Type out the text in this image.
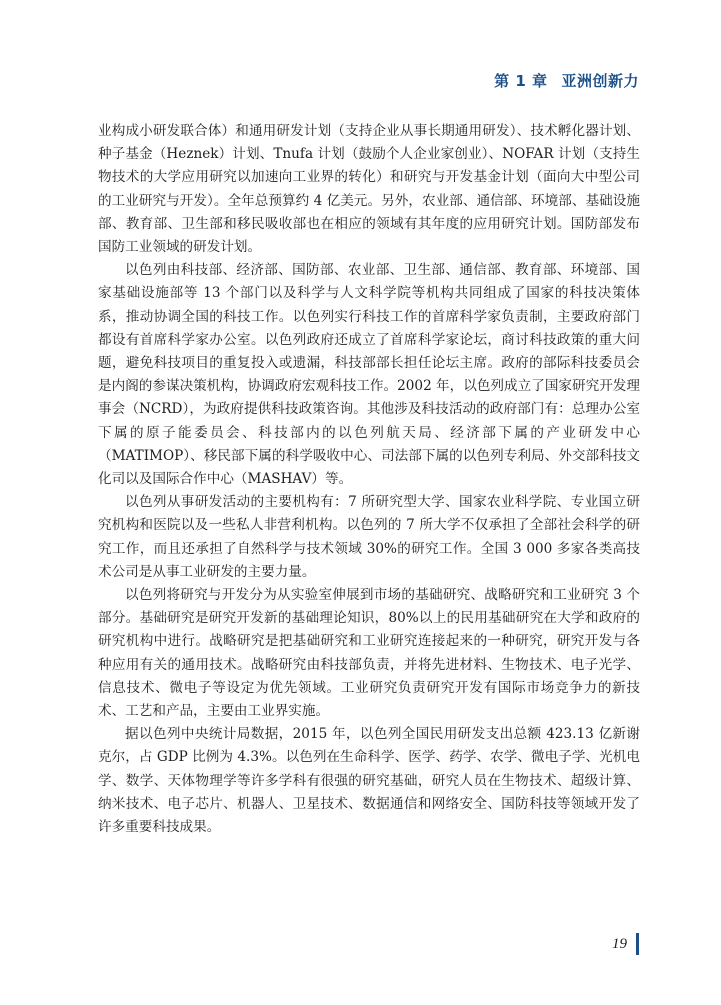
第 1 章 亚洲创新力

业构成小研发联合体）和通用研发计划（支持企业从事长期通用研发）、技术孵化器计划、种子基金（Heznek）计划、Tnufa 计划（鼓励个人企业家创业）、NOFAR 计划（支持生物技术的大学应用研究以加速向工业界的转化）和研究与开发基金计划（面向大中型公司的工业研究与开发）。全年总预算约 4 亿美元。另外，农业部、通信部、环境部、基础设施部、教育部、卫生部和移民吸收部也在相应的领域有其年度的应用研究计划。国防部发布国防工业领域的研发计划。

以色列由科技部、经济部、国防部、农业部、卫生部、通信部、教育部、环境部、国家基础设施部等 13 个部门以及科学与人文科学院等机构共同组成了国家的科技决策体系，推动协调全国的科技工作。以色列实行科技工作的首席科学家负责制，主要政府部门都设有首席科学家办公室。以色列政府还成立了首席科学家论坛，商讨科技政策的重大问题，避免科技项目的重复投入或遗漏，科技部部长担任论坛主席。政府的部际科技委员会是内阁的参谋决策机构，协调政府宏观科技工作。2002 年，以色列成立了国家研究开发理事会（NCRD），为政府提供科技政策咨询。其他涉及科技活动的政府部门有：总理办公室下属的原子能委员会、科技部内的以色列航天局、经济部下属的产业研发中心（MATIMOP）、移民部下属的科学吸收中心、司法部下属的以色列专利局、外交部科技文化司以及国际合作中心（MASHAV）等。

以色列从事研发活动的主要机构有：7 所研究型大学、国家农业科学院、专业国立研究机构和医院以及一些私人非营利机构。以色列的 7 所大学不仅承担了全部社会科学的研究工作，而且还承担了自然科学与技术领域 30%的研究工作。全国 3 000 多家各类高技术公司是从事工业研发的主要力量。

以色列将研究与开发分为从实验室伸展到市场的基础研究、战略研究和工业研究 3 个部分。基础研究是研究开发新的基础理论知识，80%以上的民用基础研究在大学和政府的研究机构中进行。战略研究是把基础研究和工业研究连接起来的一种研究，研究开发与各种应用有关的通用技术。战略研究由科技部负责，并将先进材料、生物技术、电子光学、信息技术、微电子等设定为优先领域。工业研究负责研究开发有国际市场竞争力的新技术、工艺和产品，主要由工业界实施。

据以色列中央统计局数据，2015 年，以色列全国民用研发支出总额 423.13 亿新谢克尔，占 GDP 比例为 4.3%。以色列在生命科学、医学、药学、农学、微电子学、光机电学、数学、天体物理学等许多学科有很强的研究基础，研究人员在生物技术、超级计算、纳米技术、电子芯片、机器人、卫星技术、数据通信和网络安全、国防科技等领域开发了许多重要科技成果。

19
